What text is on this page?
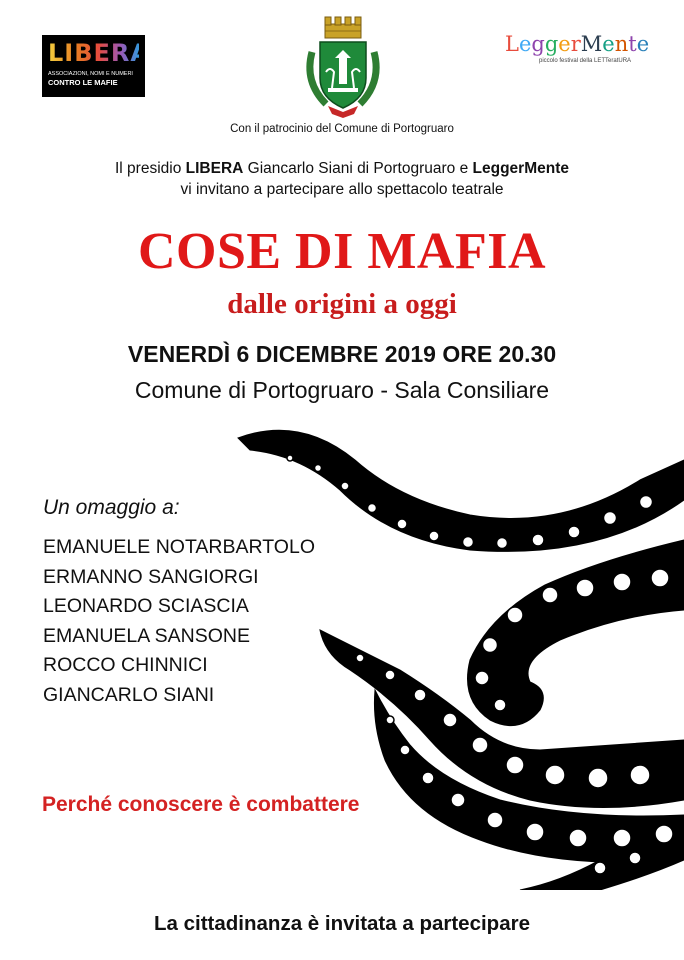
LIBERA
ASSOCIAZIONI, NOMI E NUMERI
CONTRO LE MAFIE
LeggerMente
piccolo festival della LETTeratURA
Con il patrocinio del Comune di Portogruaro
Il presidio LIBERA Giancarlo Siani di Portogruaro e LeggerMente
vi invitano a partecipare allo spettacolo teatrale
COSE DI MAFIA
dalle origini a oggi
VENERDÌ 6 DICEMBRE 2019 ORE 20.30
Comune di Portogruaro - Sala Consiliare
Un omaggio a:
EMANUELE NOTARBARTOLO
ERMANNO SANGIORGI
LEONARDO SCIASCIA
EMANUELA SANSONE
ROCCO CHINNICI
GIANCARLO SIANI
Perché conoscere è combattere
La cittadinanza è invitata a partecipare
